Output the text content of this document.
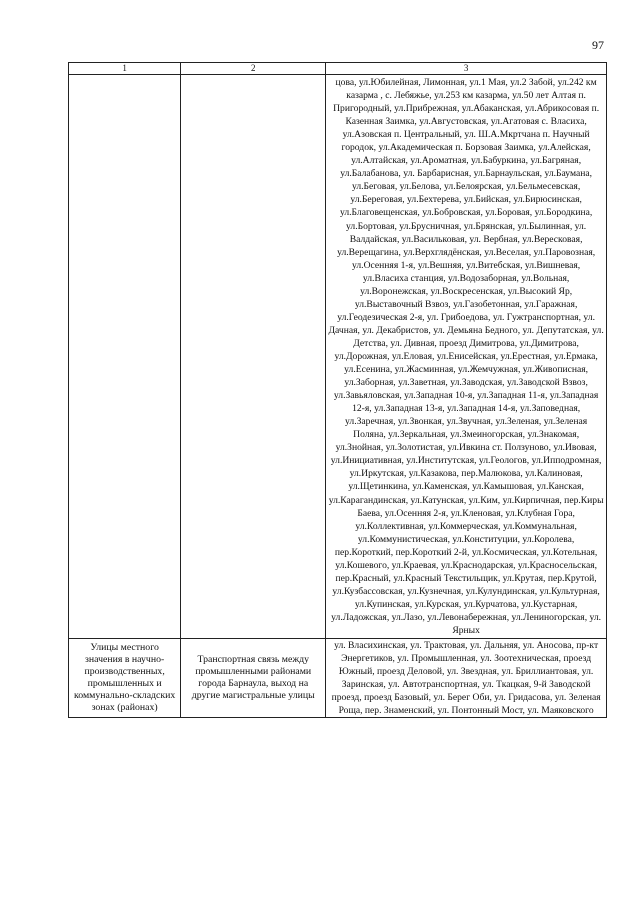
97
1	2	3
		цова, ул.Юбилейная, Лимонная, ул.1 Мая, ул.2 Забой, ул.242 км казарма , с. Лебяжье, ул.253 км казарма, ул.50 лет Алтая п. Пригородный, ул.Прибрежная, ул.Абаканская, ул.Абрикосовая п. Казенная Заимка, ул.Августовская, ул.Агатовая с. Власиха, ул.Азовская п. Центральный, ул. Ш.А.Мкртчана п. Научный городок, ул.Академическая п. Борзовая Заимка, ул.Алейская, ул.Алтайская, ул.Ароматная, ул.Бабуркина, ул.Багряная, ул.Балабанова, ул. Барбарисная, ул.Барнаульская, ул.Баумана, ул.Беговая, ул.Белова, ул.Белоярская, ул.Бельмесевская, ул.Береговая, ул.Бехтерева, ул.Бийская, ул.Бирюсинская, ул.Благовещенская, ул.Бобровская, ул.Боровая, ул.Бородкина, ул.Бортовая, ул.Брусничная, ул.Брянская, ул.Былинная, ул. Валдайская, ул.Васильковая, ул. Вербная, ул.Вересковая, ул.Верещагина, ул.Верхглядёнская, ул.Веселая, ул.Паровозная, ул.Осенняя 1-я, ул.Вешняя, ул.Витебская, ул.Вишневая, ул.Власиха станция, ул.Водозаборная, ул.Вольная, ул.Воронежская, ул.Воскресенская, ул.Высокий Яр, ул.Выставочный Взвоз, ул.Газобетонная, ул.Гаражная, ул.Геодезическая 2-я, ул. Грибоедова, ул. Гужтранспортная, ул. Дачная, ул. Декабристов, ул. Демьяна Бедного, ул. Депутатская, ул. Детства, ул. Дивная, проезд Димитрова, ул.Димитрова, ул.Дорожная, ул.Еловая, ул.Енисейская, ул.Ерестная, ул.Ермака, ул.Есенина, ул.Жасминная, ул.Жемчужная, ул.Живописная, ул.Заборная, ул.Заветная, ул.Заводская, ул.Заводской Взвоз, ул.Завьяловская, ул.Западная 10-я, ул.Западная 11-я, ул.Западная 12-я, ул.Западная 13-я, ул.Западная 14-я, ул.Заповедная, ул.Заречная, ул.Звонкая, ул.Звучная, ул.Зеленая, ул.Зеленая Поляна, ул.Зеркальная, ул.Змеиногорская, ул.Знакомая, ул.Знойная, ул.Золотистая, ул.Ивкина ст. Ползуново, ул.Ивовая, ул.Инициативная, ул.Институтская, ул.Геологов, ул.Ипподромная, ул.Иркутская, ул.Казакова, пер.Малюкова, ул.Калиновая, ул.Щетинкина, ул.Каменская, ул.Камышовая, ул.Канская, ул.Карагандинская, ул.Катунская, ул.Ким, ул.Кирпичная, пер.Киры Баева, ул.Осенняя 2-я, ул.Кленовая, ул.Клубная Гора, ул.Коллективная, ул.Коммерческая, ул.Коммунальная, ул.Коммунистическая, ул.Конституции, ул.Королева, пер.Короткий, пер.Короткий 2-й, ул.Космическая, ул.Котельная, ул.Кошевого, ул.Краевая, ул.Краснодарская, ул.Красносельская, пер.Красный, ул.Красный Текстильщик, ул.Крутая, пер.Крутой, ул.Кузбассовская, ул.Кузнечная, ул.Кулундинская, ул.Культурная, ул.Купинская, ул.Курская, ул.Курчатова, ул.Кустарная, ул.Ладожская, ул.Лазо, ул.Левонабережная, ул.Лениногорская, ул. Ярных
Улицы местного значения в научно-производственных, промышленных и коммунально-складских зонах (районах)	Транспортная связь между промышленными районами города Барнаула, выход на другие магистральные улицы	ул. Власихинская, ул. Трактовая, ул. Дальняя, ул. Аносова, пр-кт Энергетиков, ул. Промышленная, ул. Зоотехническая, проезд Южный, проезд Деловой, ул. Звездная, ул. Бриллиантовая, ул. Заринская, ул. Автотранспортная, ул. Ткацкая, 9-й Заводской проезд, проезд Базовый, ул. Берег Оби, ул. Гридасова, ул. Зеленая Роща, пер. Знаменский, ул. Понтонный Мост, ул. Маяковского
